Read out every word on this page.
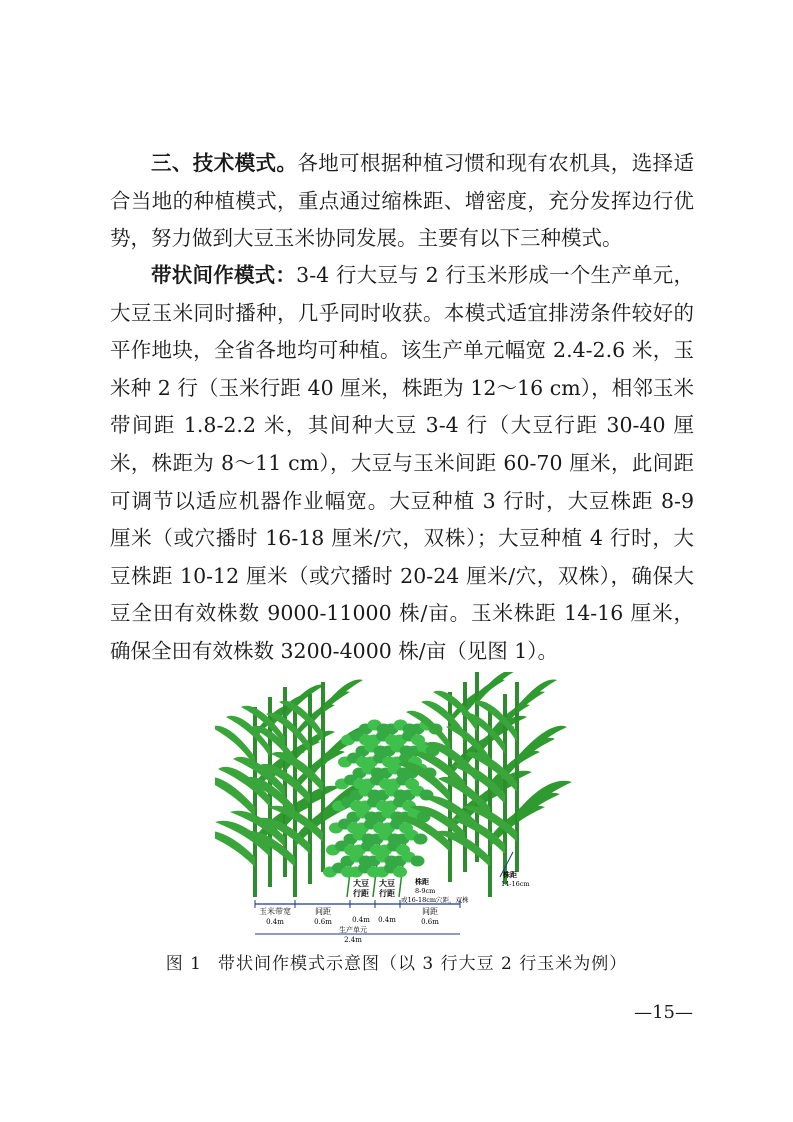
三、技术模式。各地可根据种植习惯和现有农机具，选择适合当地的种植模式，重点通过缩株距、增密度，充分发挥边行优势，努力做到大豆玉米协同发展。主要有以下三种模式。

带状间作模式：3-4 行大豆与 2 行玉米形成一个生产单元，大豆玉米同时播种，几乎同时收获。本模式适宜排涝条件较好的平作地块，全省各地均可种植。该生产单元幅宽 2.4-2.6 米，玉米种 2 行（玉米行距 40 厘米，株距为 12～16 cm），相邻玉米带间距 1.8-2.2 米，其间种大豆 3-4 行（大豆行距 30-40 厘米，株距为 8～11 cm），大豆与玉米间距 60-70 厘米，此间距可调节以适应机器作业幅宽。大豆种植 3 行时，大豆株距 8-9 厘米（或穴播时 16-18 厘米/穴，双株）；大豆种植 4 行时，大豆株距 10-12 厘米（或穴播时 20-24 厘米/穴，双株），确保大豆全田有效株数 9000-11000 株/亩。玉米株距 14-16 厘米，确保全田有效株数 3200-4000 株/亩（见图 1）。

玉米带宽
0.4m
间距
0.6m
大豆
行距
0.4m
大豆
行距
0.4m
间距
0.6m
株距
8-9cm
或16-18cm穴距，双株
株距
14-16cm
生产单元
2.4m
图 1 带状间作模式示意图（以 3 行大豆 2 行玉米为例）
—15—
